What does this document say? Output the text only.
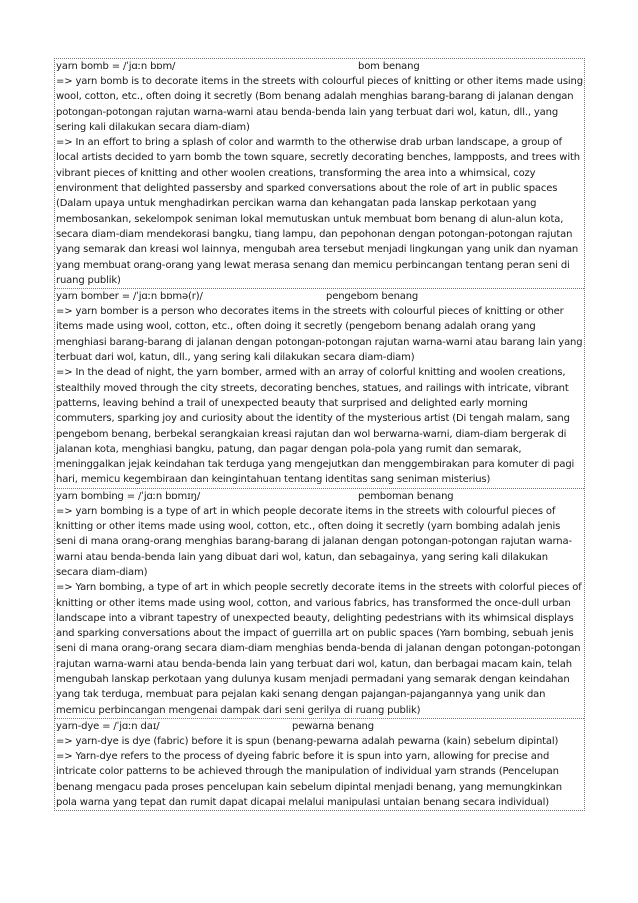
yarn bomb = /ˈjɑːn bɒm/	bom benang

=> yarn bomb is to decorate items in the streets with colourful pieces of knitting or other items made using wool, cotton, etc., often doing it secretly (Bom benang adalah menghias barang-barang di jalanan dengan potongan-potongan rajutan warna-warni atau benda-benda lain yang terbuat dari wol, katun, dll., yang sering kali dilakukan secara diam-diam)

=> In an effort to bring a splash of color and warmth to the otherwise drab urban landscape, a group of local artists decided to yarn bomb the town square, secretly decorating benches, lampposts, and trees with vibrant pieces of knitting and other woolen creations, transforming the area into a whimsical, cozy environment that delighted passersby and sparked conversations about the role of art in public spaces (Dalam upaya untuk menghadirkan percikan warna dan kehangatan pada lanskap perkotaan yang membosankan, sekelompok seniman lokal memutuskan untuk membuat bom benang di alun-alun kota, secara diam-diam mendekorasi bangku, tiang lampu, dan pepohonan dengan potongan-potongan rajutan yang semarak dan kreasi wol lainnya, mengubah area tersebut menjadi lingkungan yang unik dan nyaman yang membuat orang-orang yang lewat merasa senang dan memicu perbincangan tentang peran seni di ruang publik)

yarn bomber = /ˈjɑːn bɒmə(r)/	pengebom benang

=> yarn bomber is a person who decorates items in the streets with colourful pieces of knitting or other items made using wool, cotton, etc., often doing it secretly (pengebom benang adalah orang yang menghiasi barang-barang di jalanan dengan potongan-potongan rajutan warna-warni atau barang lain yang terbuat dari wol, katun, dll., yang sering kali dilakukan secara diam-diam)

=> In the dead of night, the yarn bomber, armed with an array of colorful knitting and woolen creations, stealthily moved through the city streets, decorating benches, statues, and railings with intricate, vibrant patterns, leaving behind a trail of unexpected beauty that surprised and delighted early morning commuters, sparking joy and curiosity about the identity of the mysterious artist (Di tengah malam, sang pengebom benang, berbekal serangkaian kreasi rajutan dan wol berwarna-warni, diam-diam bergerak di jalanan kota, menghiasi bangku, patung, dan pagar dengan pola-pola yang rumit dan semarak, meninggalkan jejak keindahan tak terduga yang mengejutkan dan menggembirakan para komuter di pagi hari, memicu kegembiraan dan keingintahuan tentang identitas sang seniman misterius)

yarn bombing = /ˈjɑːn bɒmɪŋ/	pemboman benang

=> yarn bombing is a type of art in which people decorate items in the streets with colourful pieces of knitting or other items made using wool, cotton, etc., often doing it secretly (yarn bombing adalah jenis seni di mana orang-orang menghias barang-barang di jalanan dengan potongan-potongan rajutan warna-warni atau benda-benda lain yang dibuat dari wol, katun, dan sebagainya, yang sering kali dilakukan secara diam-diam)

=> Yarn bombing, a type of art in which people secretly decorate items in the streets with colorful pieces of knitting or other items made using wool, cotton, and various fabrics, has transformed the once-dull urban landscape into a vibrant tapestry of unexpected beauty, delighting pedestrians with its whimsical displays and sparking conversations about the impact of guerrilla art on public spaces (Yarn bombing, sebuah jenis seni di mana orang-orang secara diam-diam menghias benda-benda di jalanan dengan potongan-potongan rajutan warna-warni atau benda-benda lain yang terbuat dari wol, katun, dan berbagai macam kain, telah mengubah lanskap perkotaan yang dulunya kusam menjadi permadani yang semarak dengan keindahan yang tak terduga, membuat para pejalan kaki senang dengan pajangan-pajangannya yang unik dan memicu perbincangan mengenai dampak dari seni gerilya di ruang publik)

yarn-dye = /ˈjɑːn daɪ/	pewarna benang

=> yarn-dye is dye (fabric) before it is spun (benang-pewarna adalah pewarna (kain) sebelum dipintal)

=> Yarn-dye refers to the process of dyeing fabric before it is spun into yarn, allowing for precise and intricate color patterns to be achieved through the manipulation of individual yarn strands (Pencelupan benang mengacu pada proses pencelupan kain sebelum dipintal menjadi benang, yang memungkinkan pola warna yang tepat dan rumit dapat dicapai melalui manipulasi untaian benang secara individual)
